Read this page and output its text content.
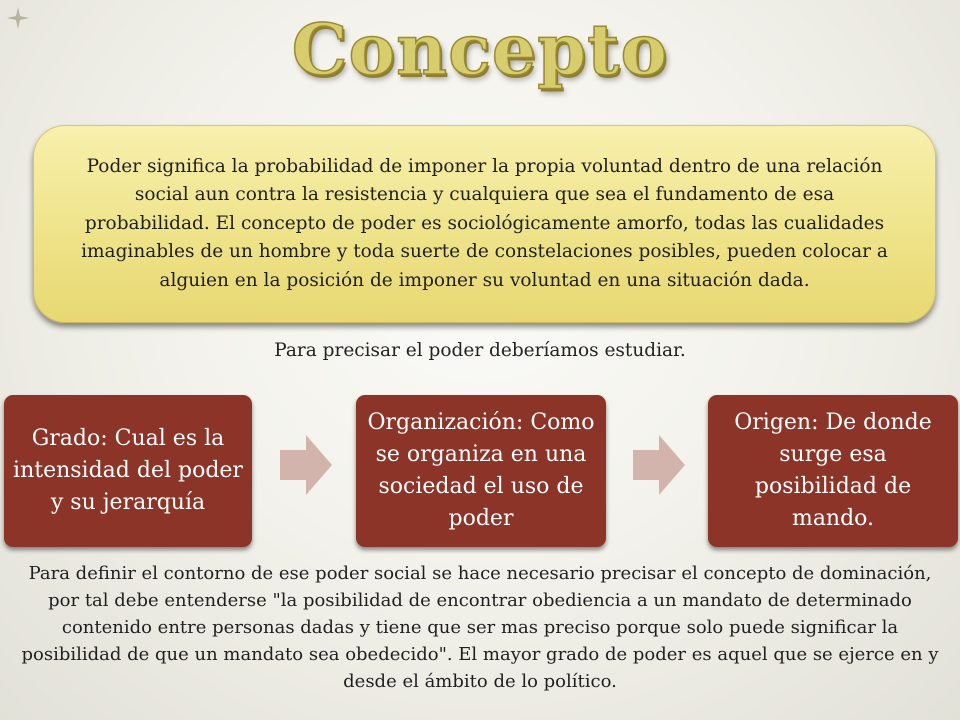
Concepto

Poder significa la probabilidad de imponer la propia voluntad dentro de una relación social aun contra la resistencia y cualquiera que sea el fundamento de esa probabilidad. El concepto de poder es sociológicamente amorfo, todas las cualidades imaginables de un hombre y toda suerte de constelaciones posibles, pueden colocar a alguien en la posición de imponer su voluntad en una situación dada.

Para precisar el poder deberíamos estudiar.
Grado: Cual es la intensidad del poder y su jerarquía
Organización: Como se organiza en una sociedad el uso de poder
Origen: De donde surge esa posibilidad de mando.

Para definir el contorno de ese poder social se hace necesario precisar el concepto de dominación, por tal debe entenderse "la posibilidad de encontrar obediencia a un mandato de determinado contenido entre personas dadas y tiene que ser mas preciso porque solo puede significar la posibilidad de que un mandato sea obedecido". El mayor grado de poder es aquel que se ejerce en y desde el ámbito de lo político.
